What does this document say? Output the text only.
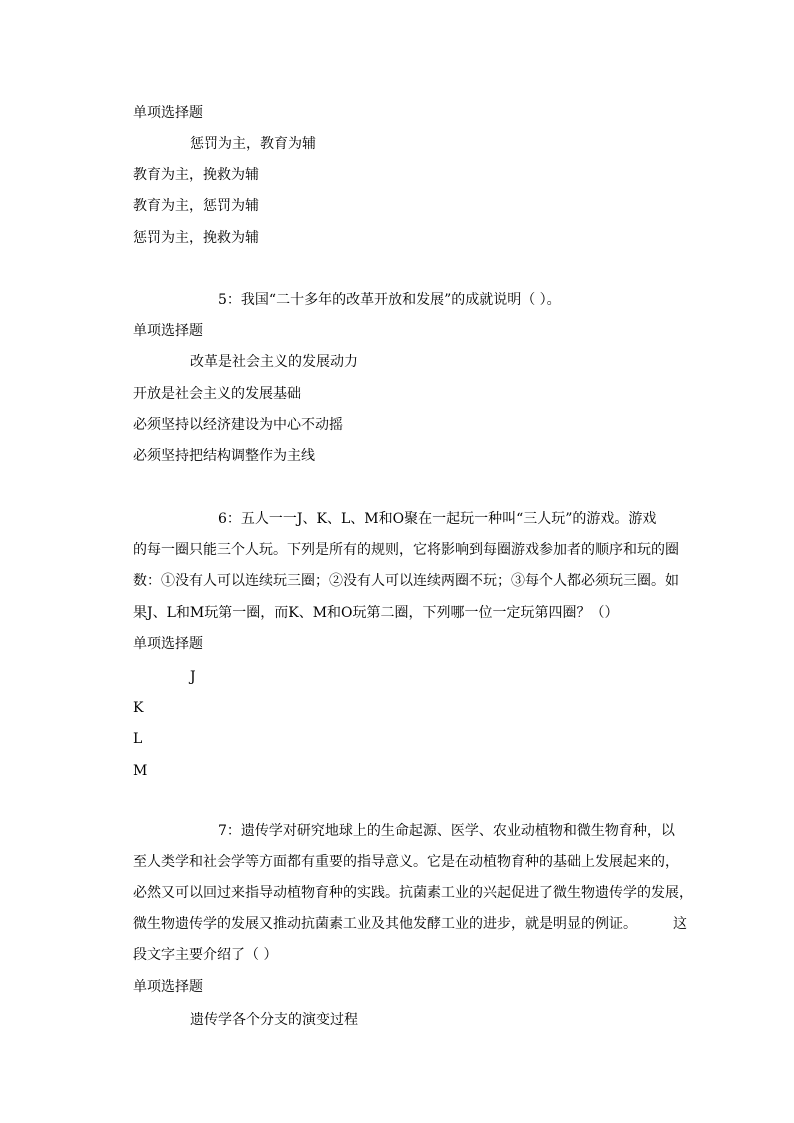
单项选择题
惩罚为主，教育为辅
教育为主，挽救为辅
教育为主，惩罚为辅
惩罚为主，挽救为辅
5：我国“二十多年的改革开放和发展”的成就说明（ ）。
单项选择题
改革是社会主义的发展动力
开放是社会主义的发展基础
必须坚持以经济建设为中心不动摇
必须坚持把结构调整作为主线
6：五人一一J、K、L、M和O聚在一起玩一种叫“三人玩”的游戏。游戏
的每一圈只能三个人玩。下列是所有的规则，它将影响到每圈游戏参加者的顺序和玩的圈
数：①没有人可以连续玩三圈；②没有人可以连续两圈不玩；③每个人都必须玩三圈。如
果J、L和M玩第一圈，而K、M和O玩第二圈，下列哪一位一定玩第四圈？（）
单项选择题
J
K
L
M
7：遗传学对研究地球上的生命起源、医学、农业动植物和微生物育种，以
至人类学和社会学等方面都有重要的指导意义。它是在动植物育种的基础上发展起来的，
必然又可以回过来指导动植物育种的实践。抗菌素工业的兴起促进了微生物遗传学的发展，
微生物遗传学的发展又推动抗菌素工业及其他发酵工业的进步，就是明显的例证。	这
段文字主要介绍了（ ）
单项选择题
遗传学各个分支的演变过程
